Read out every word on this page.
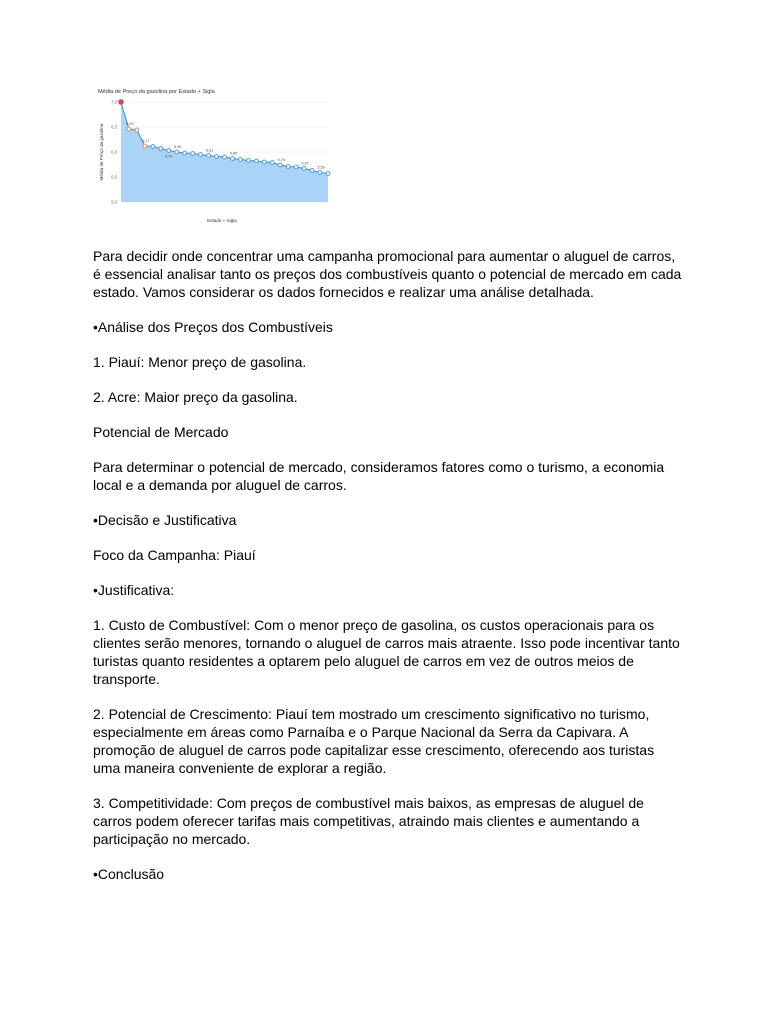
Média de Preço da gasolina por Estado + Sigla
Média de Preço da gasolina
Estado + Sigla
7,0
6,5
6,0
5,5
5,0
6,53
6,17
5,99
5,95
5,91
5,85
5,74
5,67
5,59

Para decidir onde concentrar uma campanha promocional para aumentar o aluguel de carros, é essencial analisar tanto os preços dos combustíveis quanto o potencial de mercado em cada estado. Vamos considerar os dados fornecidos e realizar uma análise detalhada.

•Análise dos Preços dos Combustíveis

1. Piauí: Menor preço de gasolina.

2. Acre: Maior preço da gasolina.

Potencial de Mercado

Para determinar o potencial de mercado, consideramos fatores como o turismo, a economia local e a demanda por aluguel de carros.

•Decisão e Justificativa

Foco da Campanha: Piauí

•Justificativa:

1. Custo de Combustível: Com o menor preço de gasolina, os custos operacionais para os clientes serão menores, tornando o aluguel de carros mais atraente. Isso pode incentivar tanto turistas quanto residentes a optarem pelo aluguel de carros em vez de outros meios de transporte.

2. Potencial de Crescimento: Piauí tem mostrado um crescimento significativo no turismo, especialmente em áreas como Parnaíba e o Parque Nacional da Serra da Capivara. A promoção de aluguel de carros pode capitalizar esse crescimento, oferecendo aos turistas uma maneira conveniente de explorar a região.

3. Competitividade: Com preços de combustível mais baixos, as empresas de aluguel de carros podem oferecer tarifas mais competitivas, atraindo mais clientes e aumentando a participação no mercado.

•Conclusão
